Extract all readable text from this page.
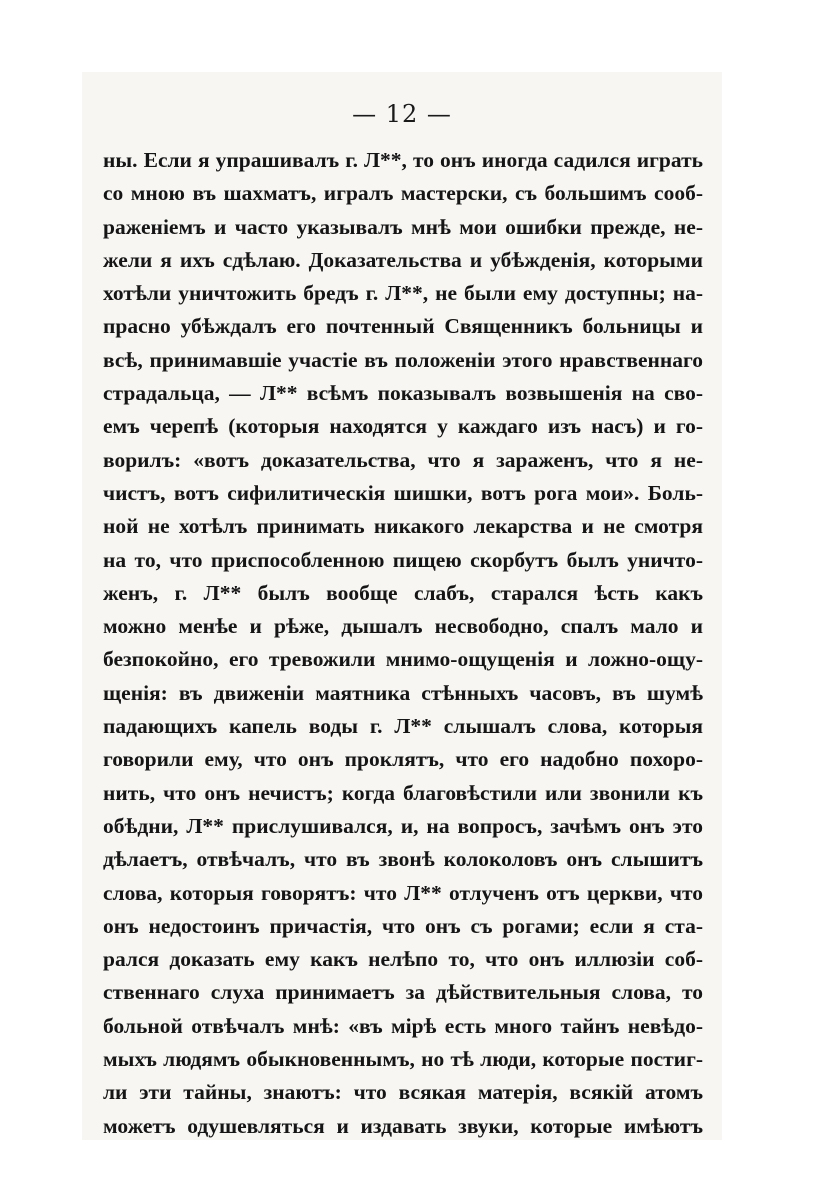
— 12 —
ны. Если я упрашивалъ г. Л**, то онъ иногда садился играть
со мною въ шахматъ, игралъ мастерски, съ большимъ сооб-
раженіемъ и часто указывалъ мнѣ мои ошибки прежде, не-
жели я ихъ сдѣлаю. Доказательства и убѣжденія, которыми
хотѣли уничтожить бредъ г. Л**, не были ему доступны; на-
прасно убѣждалъ его почтенный Священникъ больницы и
всѣ, принимавшіе участіе въ положеніи этого нравственнаго
страдальца, — Л** всѣмъ показывалъ возвышенія на сво-
емъ черепѣ (которыя находятся у каждаго изъ насъ) и го-
ворилъ: «вотъ доказательства, что я зараженъ, что я не-
чистъ, вотъ сифилитическія шишки, вотъ рога мои». Боль-
ной не хотѣлъ принимать никакого лекарства и не смотря
на то, что приспособленною пищею скорбутъ былъ уничто-
женъ, г. Л** былъ вообще слабъ, старался ѣсть какъ
можно менѣе и рѣже, дышалъ несвободно, спалъ мало и
безпокойно, его тревожили мнимо-ощущенія и ложно-ощу-
щенія: въ движеніи маятника стѣнныхъ часовъ, въ шумѣ
падающихъ капель воды г. Л** слышалъ слова, которыя
говорили ему, что онъ проклятъ, что его надобно похоро-
нить, что онъ нечистъ; когда благовѣстили или звонили къ
обѣдни, Л** прислушивался, и, на вопросъ, зачѣмъ онъ это
дѣлаетъ, отвѣчалъ, что въ звонѣ колоколовъ онъ слышитъ
слова, которыя говорятъ: что Л** отлученъ отъ церкви, что
онъ недостоинъ причастія, что онъ съ рогами; если я ста-
рался доказать ему какъ нелѣпо то, что онъ иллюзіи соб-
ственнаго слуха принимаетъ за дѣйствительныя слова, то
больной отвѣчалъ мнѣ: «въ мірѣ есть много тайнъ невѣдо-
мыхъ людямъ обыкновеннымъ, но тѣ люди, которые постиг-
ли эти тайны, знаютъ: что всякая матерія, всякій атомъ
можетъ одушевляться и издавать звуки, которые имѣютъ
